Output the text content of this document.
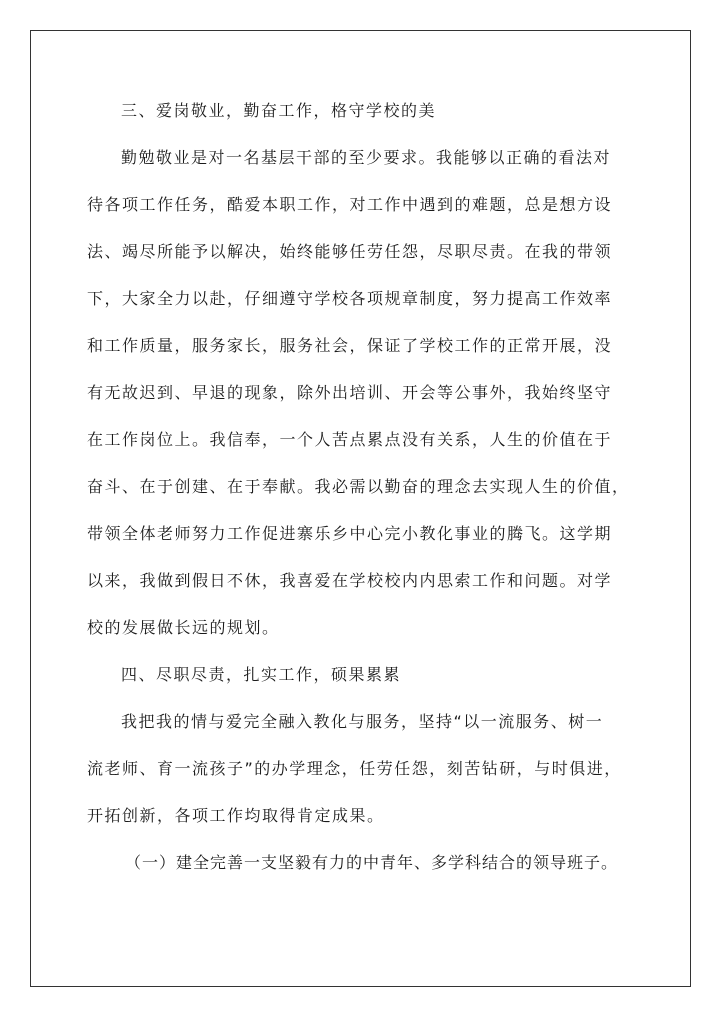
三、爱岗敬业，勤奋工作，格守学校的美
勤勉敬业是对一名基层干部的至少要求。我能够以正确的看法对
待各项工作任务，酷爱本职工作，对工作中遇到的难题，总是想方设
法、竭尽所能予以解决，始终能够任劳任怨，尽职尽责。在我的带领
下，大家全力以赴，仔细遵守学校各项规章制度，努力提高工作效率
和工作质量，服务家长，服务社会，保证了学校工作的正常开展，没
有无故迟到、早退的现象，除外出培训、开会等公事外，我始终坚守
在工作岗位上。我信奉，一个人苦点累点没有关系，人生的价值在于
奋斗、在于创建、在于奉献。我必需以勤奋的理念去实现人生的价值，
带领全体老师努力工作促进寨乐乡中心完小教化事业的腾飞。这学期
以来，我做到假日不休，我喜爱在学校校内内思索工作和问题。对学
校的发展做长远的规划。
四、尽职尽责，扎实工作，硕果累累
我把我的情与爱完全融入教化与服务，坚持“以一流服务、树一
流老师、育一流孩子”的办学理念，任劳任怨，刻苦钻研，与时俱进，
开拓创新，各项工作均取得肯定成果。
（一）建全完善一支坚毅有力的中青年、多学科结合的领导班子。
